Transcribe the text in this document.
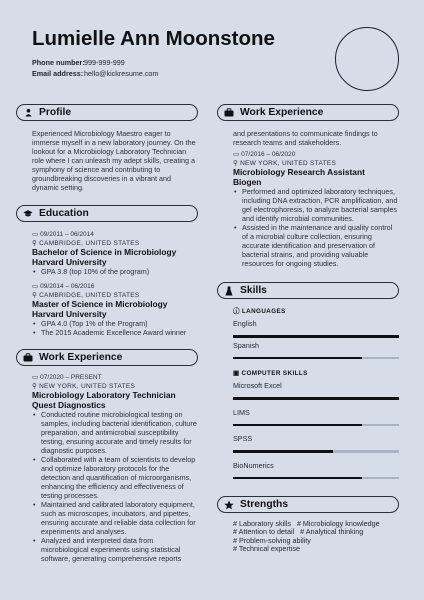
Lumielle Ann Moonstone
Phone number:999-999-999
Email address:hello@kickresume.com
Profile
Experienced Microbiology Maestro eager to immerse myself in a new laboratory journey. On the lookout for a Microbiology Laboratory Technician role where I can unleash my adept skills, creating a symphony of science and contributing to groundbreaking discoveries in a vibrant and dynamic setting.
Education
▭ 09/2011 – 06/2014
⚲ CAMBRIDGE, UNITED STATES
Bachelor of Science in Microbiology
Harvard University
• GPA 3.8 (top 10% of the program)
▭ 09/2014 – 06/2016
⚲ CAMBRIDGE, UNITED STATES
Master of Science in Microbiology
Harvard University
• GPA 4.0 (Top 1% of the Program)
• The 2015 Academic Excellence Award winner
Work Experience
▭ 07/2020 – PRESENT
⚲ NEW YORK, UNITED STATES
Microbiology Laboratory Technician
Quest Diagnostics
• Conducted routine microbiological testing on samples, including bacterial identification, culture preparation, and antimicrobial susceptibility testing, ensuring accurate and timely results for diagnostic purposes.
• Collaborated with a team of scientists to develop and optimize laboratory protocols for the detection and quantification of microorganisms, enhancing the efficiency and effectiveness of testing processes.
• Maintained and calibrated laboratory equipment, such as microscopes, incubators, and pipettes, ensuring accurate and reliable data collection for experiments and analyses.
• Analyzed and interpreted data from microbiological experiments using statistical software, generating comprehensive reports
Work Experience
and presentations to communicate findings to research teams and stakeholders.
▭ 07/2016 – 06/2020
⚲ NEW YORK, UNITED STATES
Microbiology Research Assistant
Biogen
• Performed and optimized laboratory techniques, including DNA extraction, PCR amplification, and gel electrophoresis, to analyze bacterial samples and identify microbial communities.
• Assisted in the maintenance and quality control of a microbial culture collection, ensuring accurate identification and preservation of bacterial strains, and providing valuable resources for ongoing studies.
Skills
ⓘ LANGUAGES
English
Spanish
▣ COMPUTER SKILLS
Microsoft Excel
LIMS
SPSS
BioNumerics
Strengths
# Laboratory skills # Microbiology knowledge
# Attention to detail # Analytical thinking
# Problem-solving ability
# Technical expertise
